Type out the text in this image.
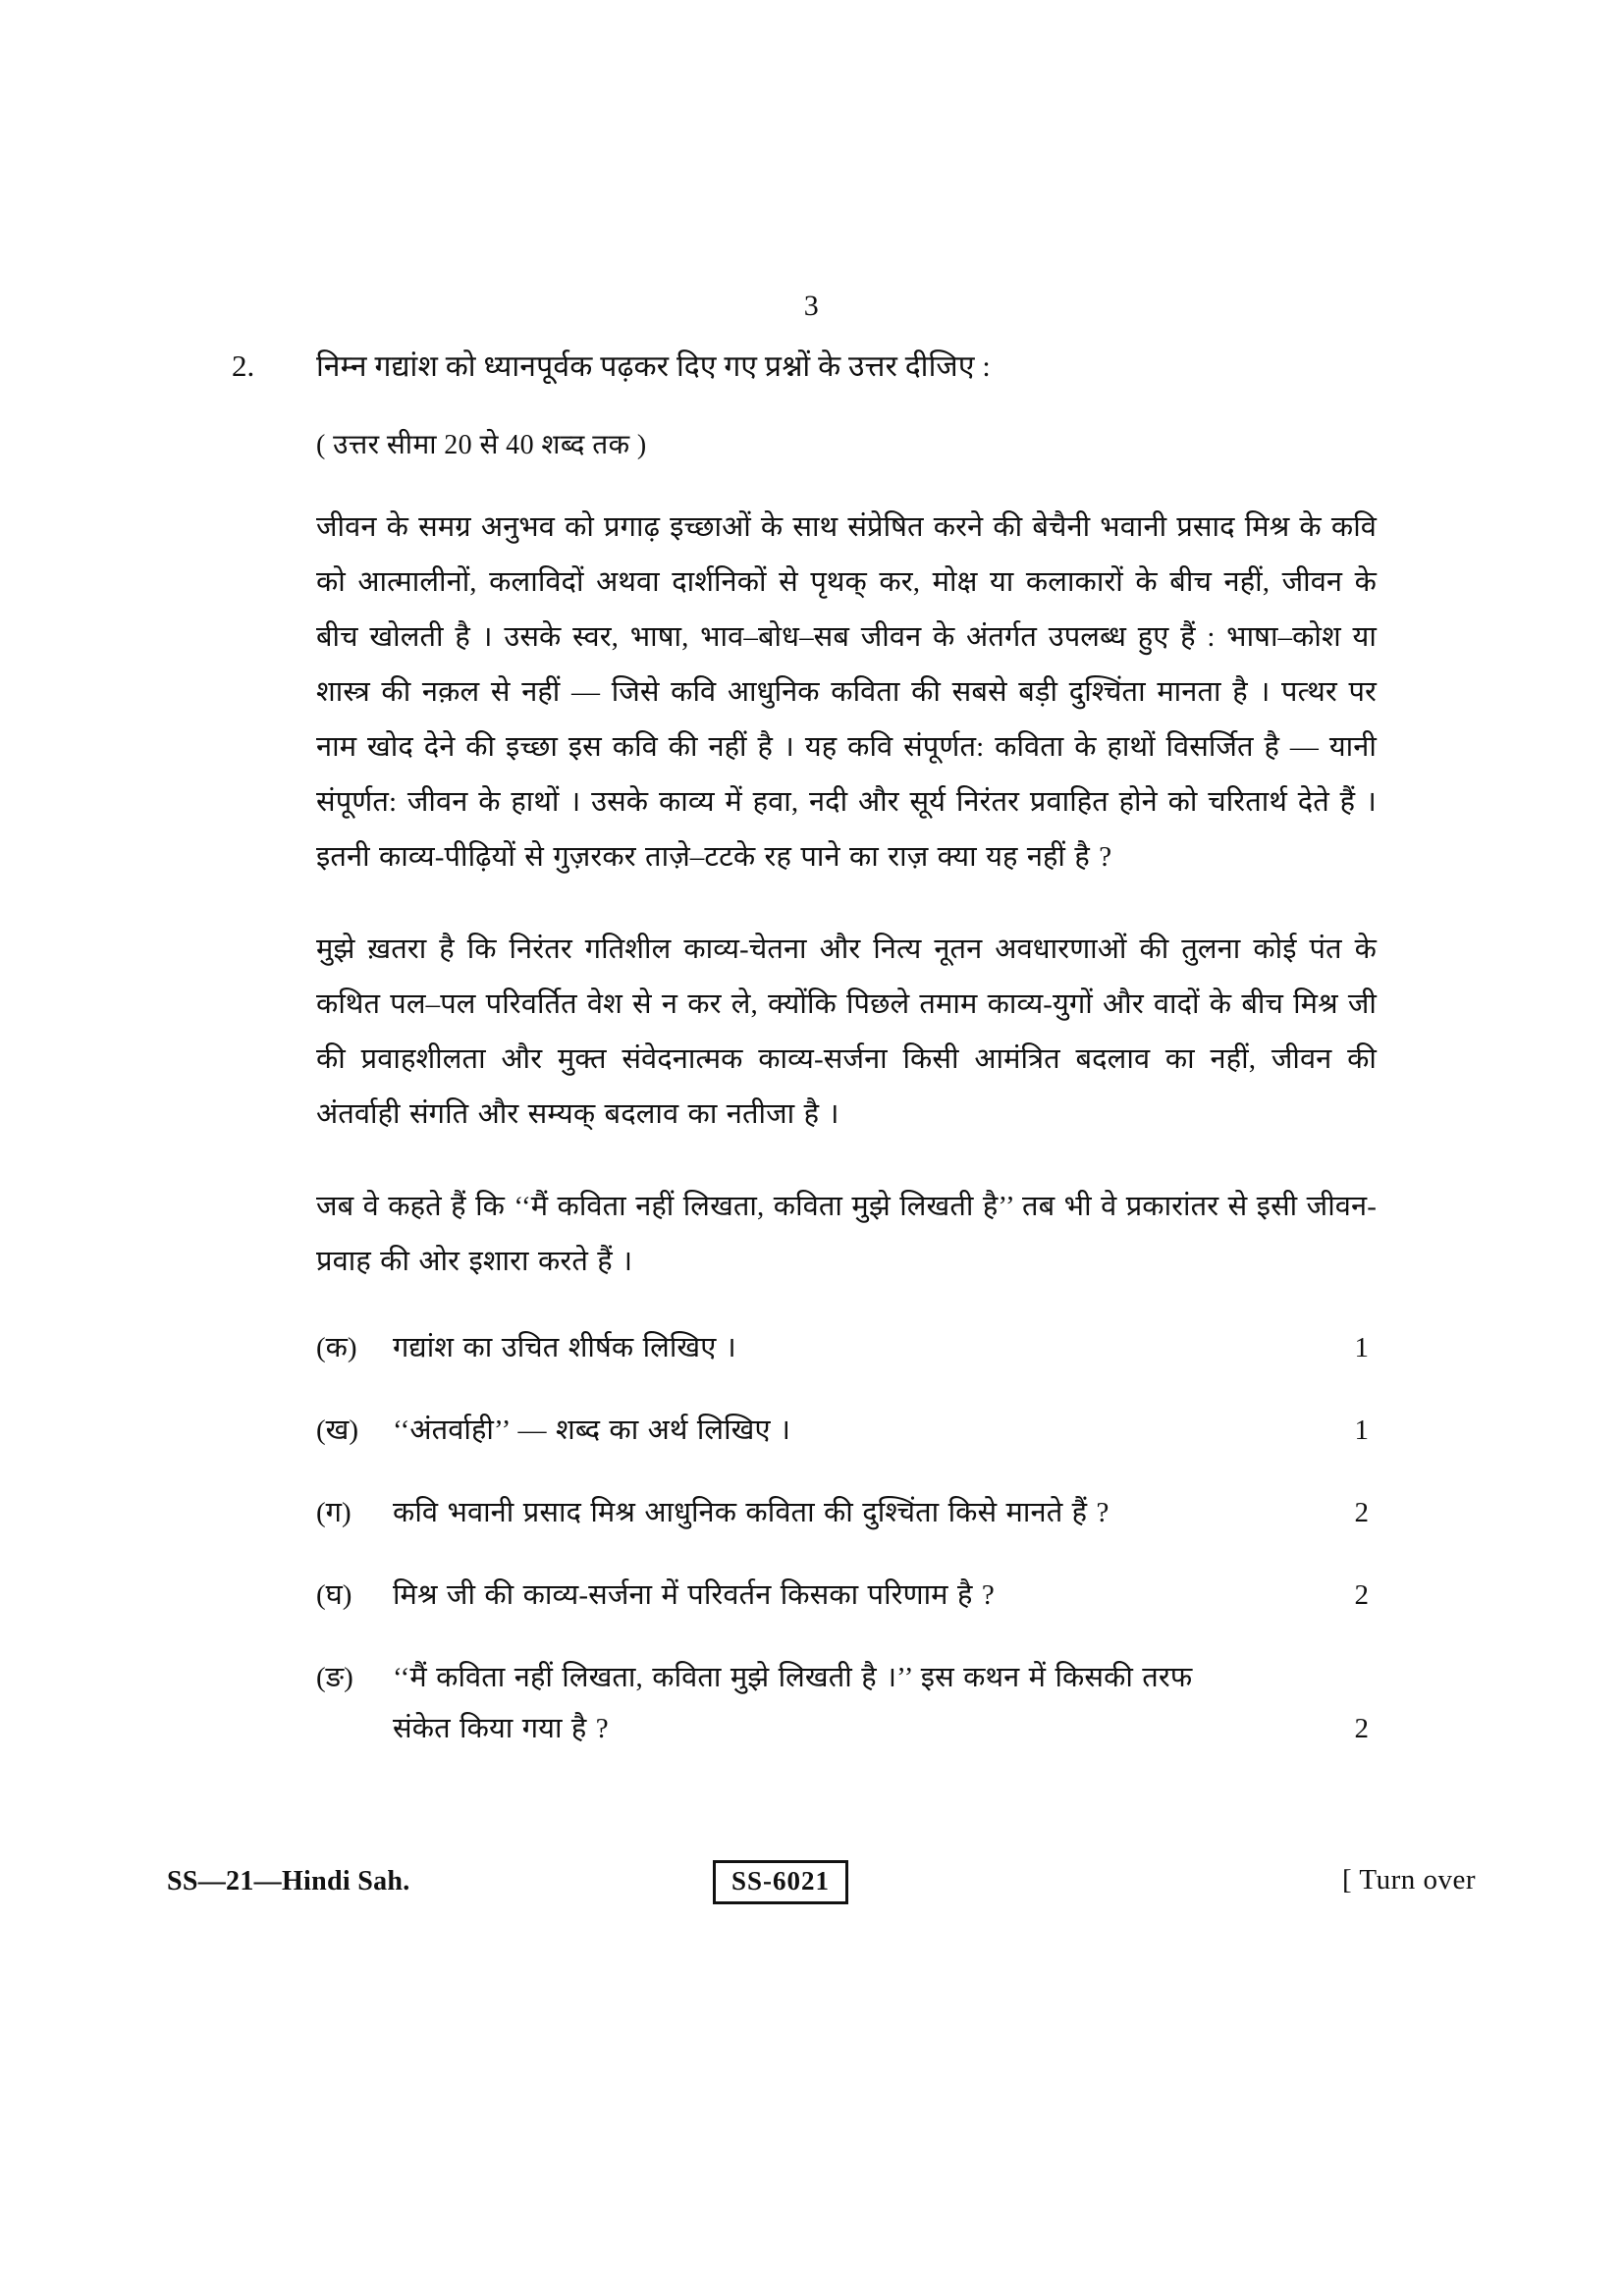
3
2. निम्न गद्यांश को ध्यानपूर्वक पढ़कर दिए गए प्रश्नों के उत्तर दीजिए :
( उत्तर सीमा 20 से 40 शब्द तक )

जीवन के समग्र अनुभव को प्रगाढ़ इच्छाओं के साथ संप्रेषित करने की बेचैनी भवानी प्रसाद मिश्र के कवि को आत्मालीनों, कलाविदों अथवा दार्शनिकों से पृथक् कर, मोक्ष या कलाकारों के बीच नहीं, जीवन के बीच खोलती है । उसके स्वर, भाषा, भाव–बोध–सब जीवन के अंतर्गत उपलब्ध हुए हैं : भाषा–कोश या शास्त्र की नक़ल से नहीं — जिसे कवि आधुनिक कविता की सबसे बड़ी दुश्चिंता मानता है । पत्थर पर नाम खोद देने की इच्छा इस कवि की नहीं है । यह कवि संपूर्णत: कविता के हाथों विसर्जित है — यानी संपूर्णत: जीवन के हाथों । उसके काव्य में हवा, नदी और सूर्य निरंतर प्रवाहित होने को चरितार्थ देते हैं । इतनी काव्य-पीढ़ियों से गुज़रकर ताज़े–टटके रह पाने का राज़ क्या यह नहीं है ?

मुझे ख़तरा है कि निरंतर गतिशील काव्य-चेतना और नित्य नूतन अवधारणाओं की तुलना कोई पंत के कथित पल–पल परिवर्तित वेश से न कर ले, क्योंकि पिछले तमाम काव्य-युगों और वादों के बीच मिश्र जी की प्रवाहशीलता और मुक्त संवेदनात्मक काव्य-सर्जना किसी आमंत्रित बदलाव का नहीं, जीवन की अंतर्वाही संगति और सम्यक् बदलाव का नतीजा है ।

जब वे कहते हैं कि ‘‘मैं कविता नहीं लिखता, कविता मुझे लिखती है’’ तब भी वे प्रकारांतर से इसी जीवन-प्रवाह की ओर इशारा करते हैं ।

(क)	गद्यांश का उचित शीर्षक लिखिए ।	1
(ख)	‘‘अंतर्वाही’’ — शब्द का अर्थ लिखिए ।	1
(ग)	कवि भवानी प्रसाद मिश्र आधुनिक कविता की दुश्चिंता किसे मानते हैं ?	2
(घ)	मिश्र जी की काव्य-सर्जना में परिवर्तन किसका परिणाम है ?	2
(ङ)	‘‘मैं कविता नहीं लिखता, कविता मुझे लिखती है ।’’ इस कथन में किसकी तरफ संकेत किया गया है ?	2
SS—21—Hindi Sah.	SS-6021	[ Turn over
